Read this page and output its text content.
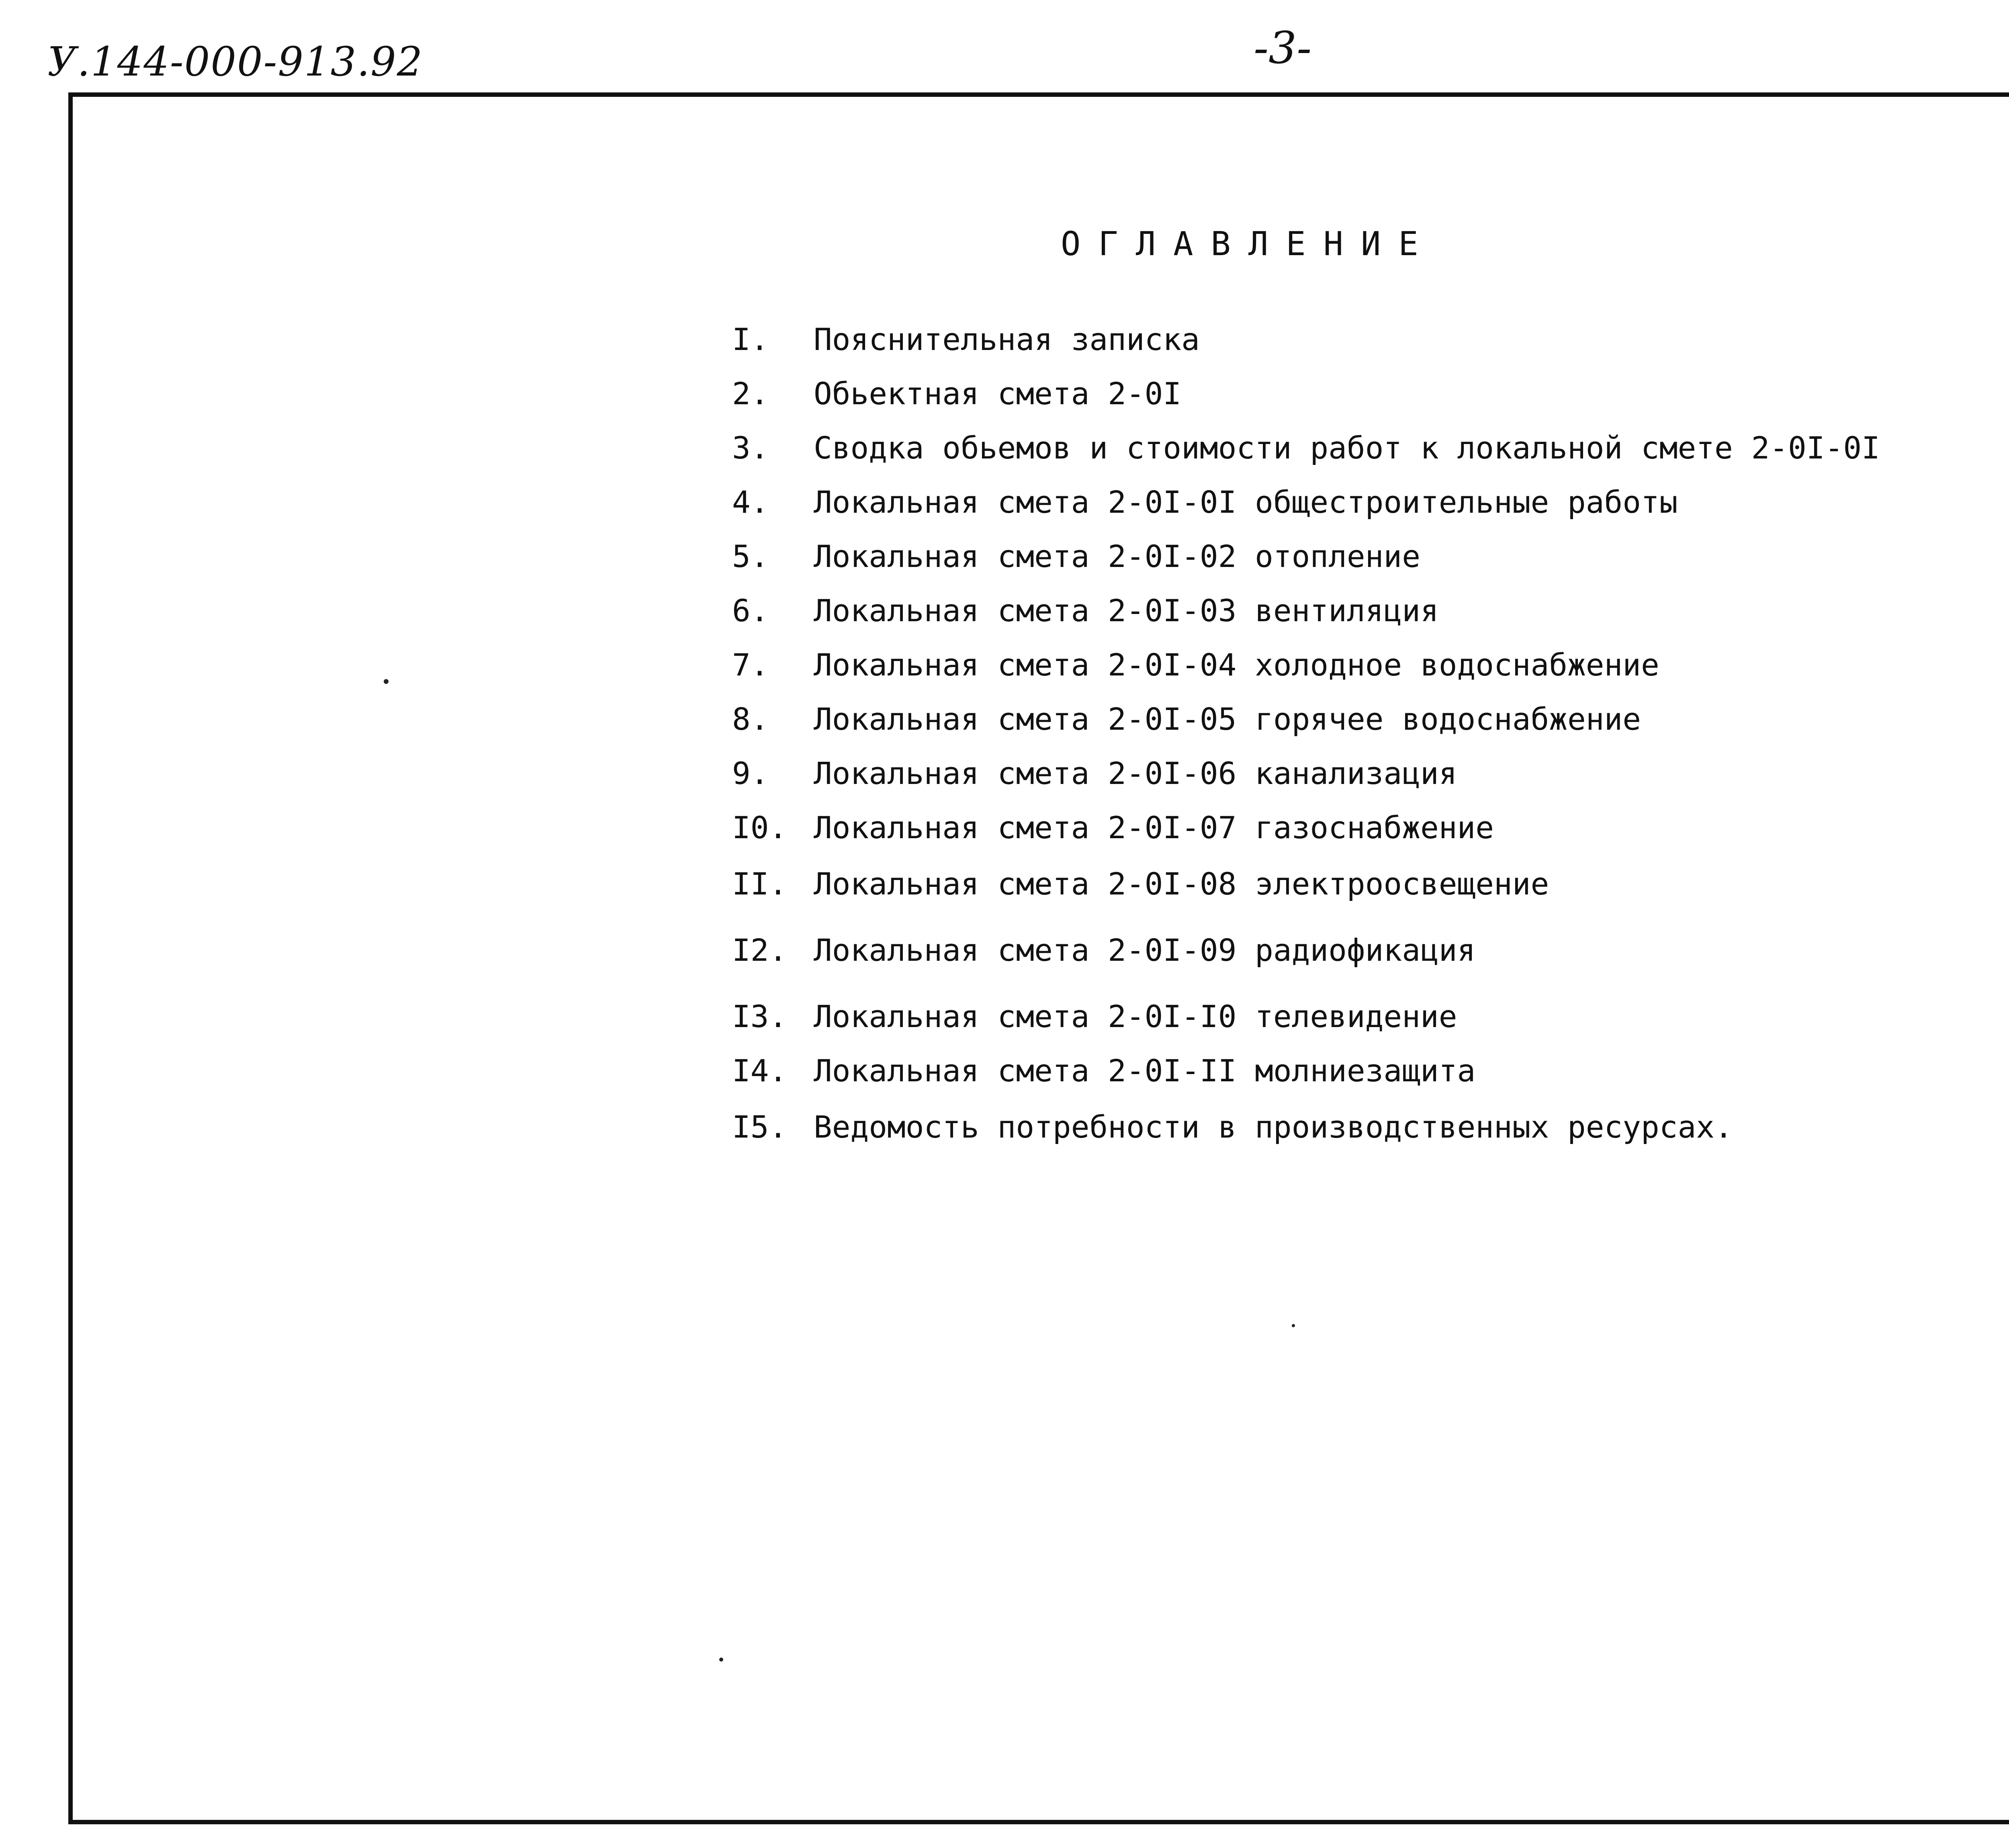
У.144-000-913.92	-3-
ОГЛАВЛЕНИЕ
I. Пояснительная записка
2. Обьектная смета 2-0I
3. Сводка обьемов и стоимости работ к локальной смете 2-0I-0I
4. Локальная смета 2-0I-0I общестроительные работы
5. Локальная смета 2-0I-02 отопление
6. Локальная смета 2-0I-03 вентиляция
7. Локальная смета 2-0I-04 холодное водоснабжение
8. Локальная смета 2-0I-05 горячее водоснабжение
9. Локальная смета 2-0I-06 канализация
I0. Локальная смета 2-0I-07 газоснабжение
II. Локальная смета 2-0I-08 электроосвещение
I2. Локальная смета 2-0I-09 радиофикация
I3. Локальная смета 2-0I-I0 телевидение
I4. Локальная смета 2-0I-II молниезащита
I5. Ведомость потребности в производственных ресурсах.
